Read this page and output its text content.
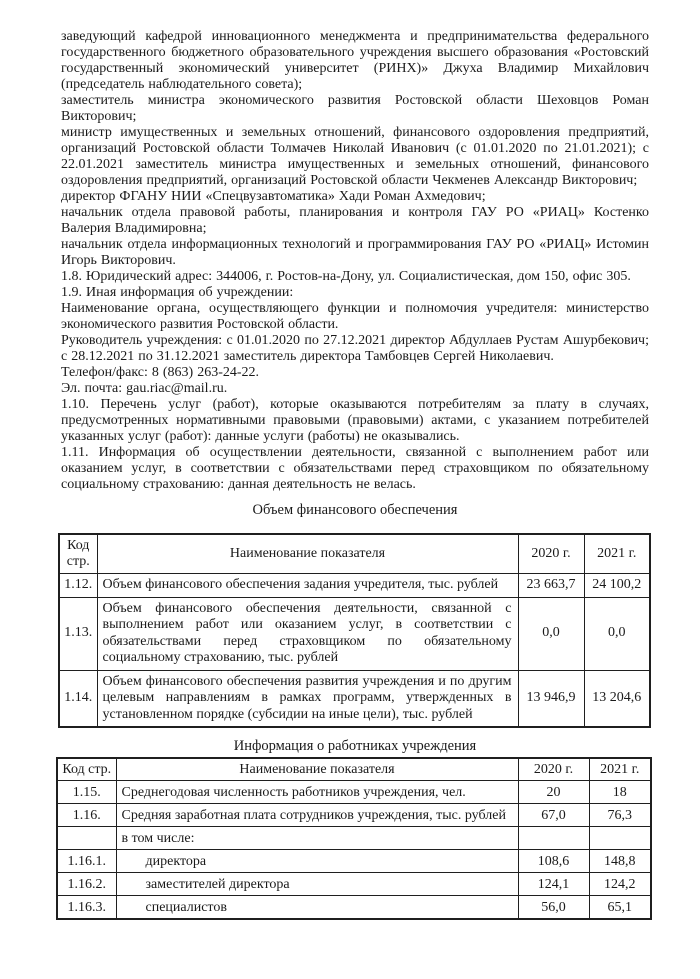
заведующий кафедрой инновационного менеджмента и предпринимательства федерального государственного бюджетного образовательного учреждения высшего образования «Ростовский государственный экономический университет (РИНХ)» Джуха Владимир Михайлович (председатель наблюдательного совета);

заместитель министра экономического развития Ростовской области Шеховцов Роман Викторович;

министр имущественных и земельных отношений, финансового оздоровления предприятий, организаций Ростовской области Толмачев Николай Иванович (с 01.01.2020 по 21.01.2021); с 22.01.2021 заместитель министра имущественных и земельных отношений, финансового оздоровления предприятий, организаций Ростовской области Чекменев Александр Викторович;

директор ФГАНУ НИИ «Спецвузавтоматика» Хади Роман Ахмедович;

начальник отдела правовой работы, планирования и контроля ГАУ РО «РИАЦ» Костенко Валерия Владимировна;

начальник отдела информационных технологий и программирования ГАУ РО «РИАЦ» Истомин Игорь Викторович.

1.8. Юридический адрес: 344006, г. Ростов-на-Дону, ул. Социалистическая, дом 150, офис 305.

1.9. Иная информация об учреждении:

Наименование органа, осуществляющего функции и полномочия учредителя: министерство экономического развития Ростовской области.

Руководитель учреждения: с 01.01.2020 по 27.12.2021 директор Абдуллаев Рустам Ашурбекович; с 28.12.2021 по 31.12.2021 заместитель директора Тамбовцев Сергей Николаевич.

Телефон/факс: 8 (863) 263-24-22.

Эл. почта: gau.riac@mail.ru.

1.10. Перечень услуг (работ), которые оказываются потребителям за плату в случаях, предусмотренных нормативными правовыми (правовыми) актами, с указанием потребителей указанных услуг (работ): данные услуги (работы) не оказывались.

1.11. Информация об осуществлении деятельности, связанной с выполнением работ или оказанием услуг, в соответствии с обязательствами перед страховщиком по обязательному социальному страхованию: данная деятельность не велась.

Объем финансового обеспечения
Код стр.	Наименование показателя	2020 г.	2021 г.
1.12.	Объем финансового обеспечения задания учредителя, тыс. рублей	23 663,7	24 100,2
1.13.	Объем финансового обеспечения деятельности, связанной с выполнением работ или оказанием услуг, в соответствии с обязательствами перед страховщиком по обязательному социальному страхованию, тыс. рублей	0,0	0,0
1.14.	Объем финансового обеспечения развития учреждения и по другим целевым направлениям в рамках программ, утвержденных в установленном порядке (субсидии на иные цели), тыс. рублей	13 946,9	13 204,6
Информация о работниках учреждения
Код стр.	Наименование показателя	2020 г.	2021 г.
1.15.	Среднегодовая численность работников учреждения, чел.	20	18
1.16.	Средняя заработная плата сотрудников учреждения, тыс. рублей	67,0	76,3
	в том числе:		
1.16.1.	директора	108,6	148,8
1.16.2.	заместителей директора	124,1	124,2
1.16.3.	специалистов	56,0	65,1
